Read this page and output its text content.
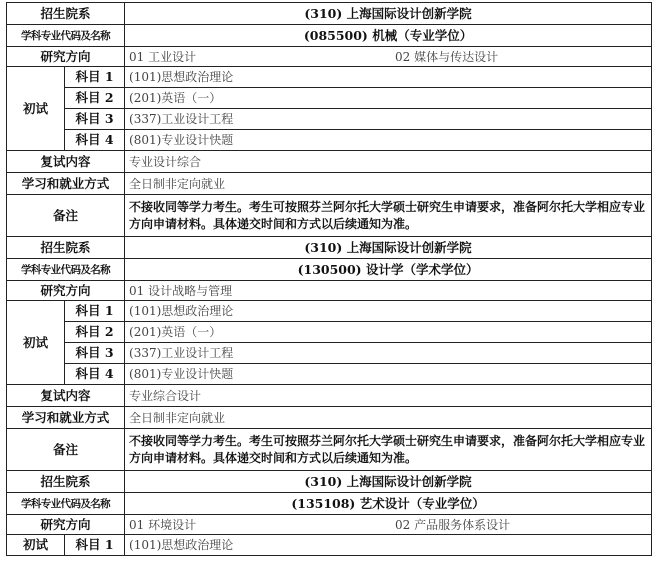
招生院系		(310) 上海国际设计创新学院
学科专业代码及名称		(085500) 机械（专业学位）
研究方向		01 工业设计 02 媒体与传达设计

初试	科目 1	(101)思想政治理论
	科目 2	(201)英语（一）
	科目 3	(337)工业设计工程
	科目 4	(801)专业设计快题
复试内容		专业设计综合
学习和就业方式		全日制非定向就业
备注		不接收同等学力考生。考生可按照芬兰阿尔托大学硕士研究生申请要求，准备阿尔托大学相应专业方向申请材料。具体递交时间和方式以后续通知为准。
招生院系		(310) 上海国际设计创新学院
学科专业代码及名称		(130500) 设计学（学术学位）
研究方向		01 设计战略与管理
初试	科目 1	(101)思想政治理论
	科目 2	(201)英语（一）
	科目 3	(337)工业设计工程
	科目 4	(801)专业设计快题
复试内容		专业综合设计
学习和就业方式		全日制非定向就业
备注		不接收同等学力考生。考生可按照芬兰阿尔托大学硕士研究生申请要求，准备阿尔托大学相应专业方向申请材料。具体递交时间和方式以后续通知为准。
招生院系		(310) 上海国际设计创新学院
学科专业代码及名称		(135108) 艺术设计（专业学位）
研究方向		01 环境设计 02 产品服务体系设计

初试	科目 1	(101)思想政治理论
